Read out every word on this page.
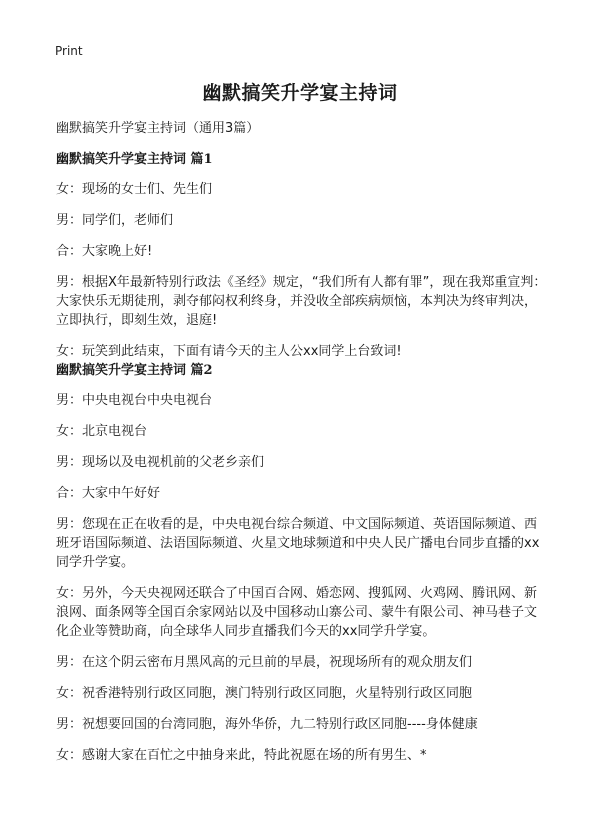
Print
幽默搞笑升学宴主持词

幽默搞笑升学宴主持词（通用3篇）

幽默搞笑升学宴主持词 篇1

女：现场的女士们、先生们

男：同学们，老师们

合：大家晚上好!

男：根据X年最新特别行政法《圣经》规定，“我们所有人都有罪”，现在我郑重宣判：大家快乐无期徒刑，剥夺郁闷权利终身，并没收全部疾病烦恼，本判决为终审判决，立即执行，即刻生效，退庭!

女：玩笑到此结束，下面有请今天的主人公xx同学上台致词!

幽默搞笑升学宴主持词 篇2

男：中央电视台中央电视台

女：北京电视台

男：现场以及电视机前的父老乡亲们

合：大家中午好好

男：您现在正在收看的是，中央电视台综合频道、中文国际频道、英语国际频道、西班牙语国际频道、法语国际频道、火星文地球频道和中央人民广播电台同步直播的xx同学升学宴。

女：另外，今天央视网还联合了中国百合网、婚恋网、搜狐网、火鸡网、腾讯网、新浪网、面条网等全国百余家网站以及中国移动山寨公司、蒙牛有限公司、神马巷子文化企业等赞助商，向全球华人同步直播我们今天的xx同学升学宴。

男：在这个阴云密布月黑风高的元旦前的早晨，祝现场所有的观众朋友们

女：祝香港特别行政区同胞，澳门特别行政区同胞，火星特别行政区同胞

男：祝想要回国的台湾同胞，海外华侨，九二特别行政区同胞----身体健康

女：感谢大家在百忙之中抽身来此，特此祝愿在场的所有男生、*
